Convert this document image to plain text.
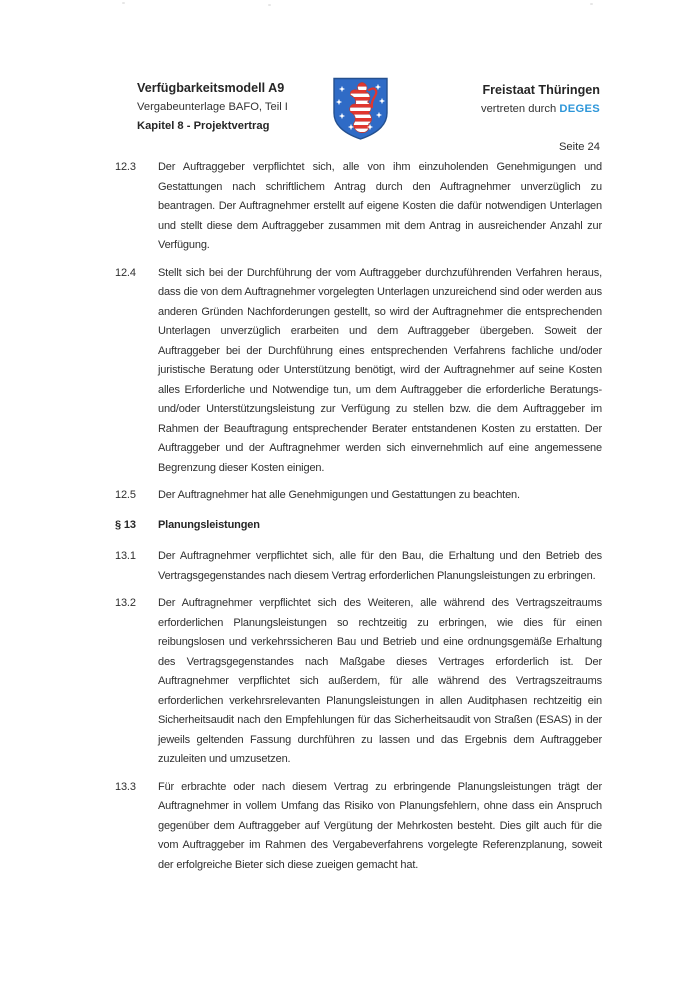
Verfügbarkeitsmodell A9
Vergabeunterlage BAFO, Teil I
Kapitel 8 - Projektvertrag
Freistaat Thüringen
vertreten durch DEGES
Seite 24
12.3	Der Auftraggeber verpflichtet sich, alle von ihm einzuholenden Genehmigungen und Gestattungen nach schriftlichem Antrag durch den Auftragnehmer unverzüglich zu beantragen. Der Auftragnehmer erstellt auf eigene Kosten die dafür notwendigen Unterlagen und stellt diese dem Auftraggeber zusammen mit dem Antrag in ausreichender Anzahl zur Verfügung.
12.4	Stellt sich bei der Durchführung der vom Auftraggeber durchzuführenden Verfahren heraus, dass die von dem Auftragnehmer vorgelegten Unterlagen unzureichend sind oder werden aus anderen Gründen Nachforderungen gestellt, so wird der Auftragnehmer die entsprechenden Unterlagen unverzüglich erarbeiten und dem Auftraggeber übergeben. Soweit der Auftraggeber bei der Durchführung eines entsprechenden Verfahrens fachliche und/oder juristische Beratung oder Unterstützung benötigt, wird der Auftragnehmer auf seine Kosten alles Erforderliche und Notwendige tun, um dem Auftraggeber die erforderliche Beratungs- und/oder Unterstützungsleistung zur Verfügung zu stellen bzw. die dem Auftraggeber im Rahmen der Beauftragung entsprechender Berater entstandenen Kosten zu erstatten. Der Auftraggeber und der Auftragnehmer werden sich einvernehmlich auf eine angemessene Begrenzung dieser Kosten einigen.
12.5	Der Auftragnehmer hat alle Genehmigungen und Gestattungen zu beachten.
§ 13	Planungsleistungen
13.1	Der Auftragnehmer verpflichtet sich, alle für den Bau, die Erhaltung und den Betrieb des Vertragsgegenstandes nach diesem Vertrag erforderlichen Planungsleistungen zu erbringen.
13.2	Der Auftragnehmer verpflichtet sich des Weiteren, alle während des Vertragszeitraums erforderlichen Planungsleistungen so rechtzeitig zu erbringen, wie dies für einen reibungslosen und verkehrssicheren Bau und Betrieb und eine ordnungsgemäße Erhaltung des Vertragsgegenstandes nach Maßgabe dieses Vertrages erforderlich ist. Der Auftragnehmer verpflichtet sich außerdem, für alle während des Vertragszeitraums erforderlichen verkehrsrelevanten Planungsleistungen in allen Auditphasen rechtzeitig ein Sicherheitsaudit nach den Empfehlungen für das Sicherheitsaudit von Straßen (ESAS) in der jeweils geltenden Fassung durchführen zu lassen und das Ergebnis dem Auftraggeber zuzuleiten und umzusetzen.
13.3	Für erbrachte oder nach diesem Vertrag zu erbringende Planungsleistungen trägt der Auftragnehmer in vollem Umfang das Risiko von Planungsfehlern, ohne dass ein Anspruch gegenüber dem Auftraggeber auf Vergütung der Mehrkosten besteht. Dies gilt auch für die vom Auftraggeber im Rahmen des Vergabeverfahrens vorgelegte Referenzplanung, soweit der erfolgreiche Bieter sich diese zueigen gemacht hat.
